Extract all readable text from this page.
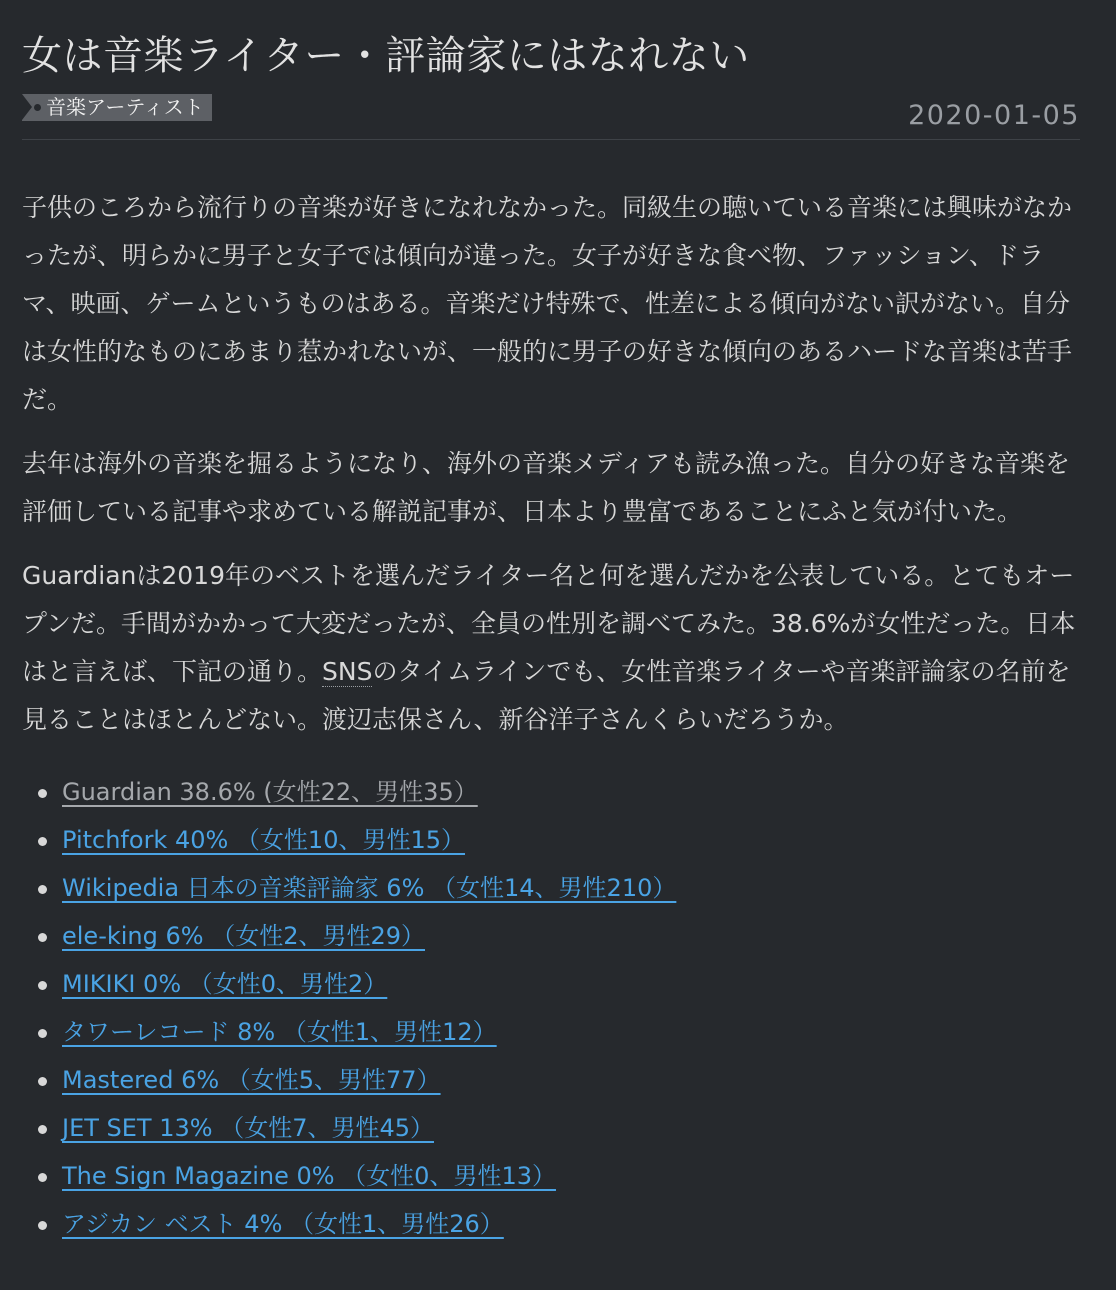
女は音楽ライター・評論家にはなれない
音楽アーティスト	2020-01-05

子供のころから流行りの音楽が好きになれなかった。同級生の聴いている音楽には興味がなかったが、明らかに男子と女子では傾向が違った。女子が好きな食べ物、ファッション、ドラマ、映画、ゲームというものはある。音楽だけ特殊で、性差による傾向がない訳がない。自分は女性的なものにあまり惹かれないが、一般的に男子の好きな傾向のあるハードな音楽は苦手だ。

去年は海外の音楽を掘るようになり、海外の音楽メディアも読み漁った。自分の好きな音楽を評価している記事や求めている解説記事が、日本より豊富であることにふと気が付いた。

Guardianは2019年のベストを選んだライター名と何を選んだかを公表している。とてもオープンだ。手間がかかって大変だったが、全員の性別を調べてみた。38.6%が女性だった。日本はと言えば、下記の通り。SNSのタイムラインでも、女性音楽ライターや音楽評論家の名前を見ることはほとんどない。渡辺志保さん、新谷洋子さんくらいだろうか。

Guardian 38.6% (女性22、男性35）
Pitchfork 40% （女性10、男性15）
Wikipedia 日本の音楽評論家 6% （女性14、男性210）
ele-king 6% （女性2、男性29）
MIKIKI 0% （女性0、男性2）
タワーレコード 8% （女性1、男性12）
Mastered 6% （女性5、男性77）
JET SET 13% （女性7、男性45）
The Sign Magazine 0% （女性0、男性13）
アジカン ベスト 4% （女性1、男性26）
